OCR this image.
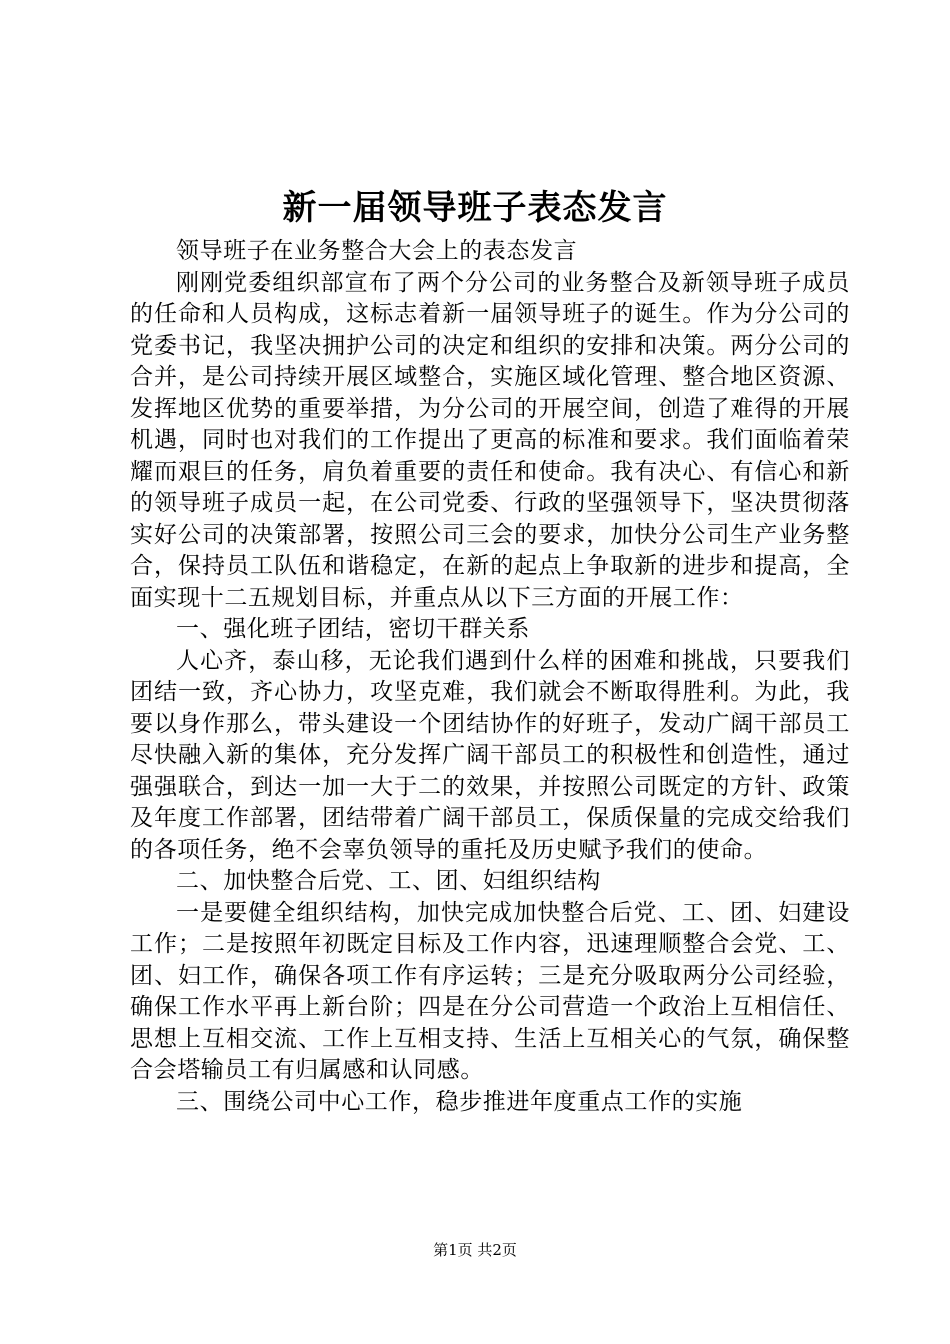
新一届领导班子表态发言

领导班子在业务整合大会上的表态发言

刚刚党委组织部宣布了两个分公司的业务整合及新领导班子成员的任命和人员构成，这标志着新一届领导班子的诞生。作为分公司的党委书记，我坚决拥护公司的决定和组织的安排和决策。两分公司的合并，是公司持续开展区域整合，实施区域化管理、整合地区资源、发挥地区优势的重要举措，为分公司的开展空间，创造了难得的开展机遇，同时也对我们的工作提出了更高的标准和要求。我们面临着荣耀而艰巨的任务，肩负着重要的责任和使命。我有决心、有信心和新的领导班子成员一起，在公司党委、行政的坚强领导下，坚决贯彻落实好公司的决策部署，按照公司三会的要求，加快分公司生产业务整合，保持员工队伍和谐稳定，在新的起点上争取新的进步和提高，全面实现十二五规划目标，并重点从以下三方面的开展工作：

一、强化班子团结，密切干群关系

人心齐，泰山移，无论我们遇到什么样的困难和挑战，只要我们团结一致，齐心协力，攻坚克难，我们就会不断取得胜利。为此，我要以身作那么，带头建设一个团结协作的好班子，发动广阔干部员工尽快融入新的集体，充分发挥广阔干部员工的积极性和创造性，通过强强联合，到达一加一大于二的效果，并按照公司既定的方针、政策及年度工作部署，团结带着广阔干部员工，保质保量的完成交给我们的各项任务，绝不会辜负领导的重托及历史赋予我们的使命。

二、加快整合后党、工、团、妇组织结构

一是要健全组织结构，加快完成加快整合后党、工、团、妇建设工作；二是按照年初既定目标及工作内容，迅速理顺整合会党、工、团、妇工作，确保各项工作有序运转；三是充分吸取两分公司经验，确保工作水平再上新台阶；四是在分公司营造一个政治上互相信任、思想上互相交流、工作上互相支持、生活上互相关心的气氛，确保整合会塔输员工有归属感和认同感。

三、围绕公司中心工作，稳步推进年度重点工作的实施

第1页 共2页
